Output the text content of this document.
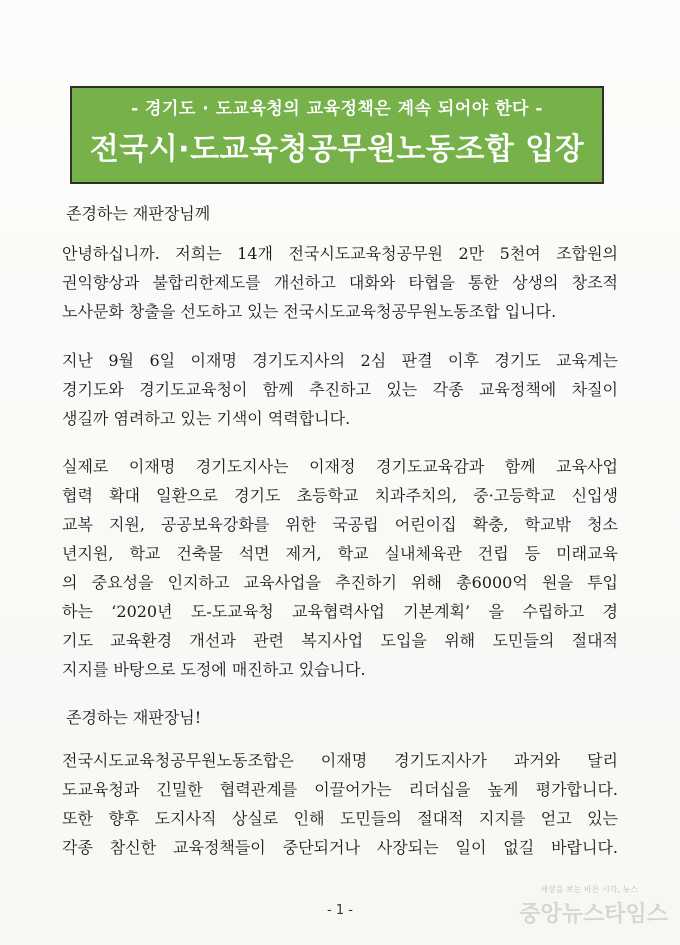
- 경기도 · 도교육청의 교육정책은 계속 되어야 한다 -
전국시·도교육청공무원노동조합 입장
존경하는 재판장님께
안녕하십니까. 저희는 14개 전국시도교육청공무원 2만 5천여 조합원의
권익향상과 불합리한제도를 개선하고 대화와 타협을 통한 상생의 창조적
노사문화 창출을 선도하고 있는 전국시도교육청공무원노동조합 입니다.
지난 9월 6일 이재명 경기도지사의 2심 판결 이후 경기도 교육계는
경기도와 경기도교육청이 함께 추진하고 있는 각종 교육정책에 차질이
생길까 염려하고 있는 기색이 역력합니다.
실제로 이재명 경기도지사는 이재정 경기도교육감과 함께 교육사업
협력 확대 일환으로 경기도 초등학교 치과주치의, 중·고등학교 신입생
교복 지원, 공공보육강화를 위한 국공립 어린이집 확충, 학교밖 청소
년지원, 학교 건축물 석면 제거, 학교 실내체육관 건립 등 미래교육
의 중요성을 인지하고 교육사업을 추진하기 위해 총6000억 원을 투입
하는 ‘2020년 도-도교육청 교육협력사업 기본계획’ 을 수립하고 경
기도 교육환경 개선과 관련 복지사업 도입을 위해 도민들의 절대적
지지를 바탕으로 도정에 매진하고 있습니다.
존경하는 재판장님!
전국시도교육청공무원노동조합은 이재명 경기도지사가 과거와 달리
도교육청과 긴밀한 협력관계를 이끌어가는 리더십을 높게 평가합니다.
또한 향후 도지사직 상실로 인해 도민들의 절대적 지지를 얻고 있는
각종 참신한 교육정책들이 중단되거나 사장되는 일이 없길 바랍니다.
- 1 -
세상을 보는 바른 시각, 뉴스
중앙뉴스타임스
